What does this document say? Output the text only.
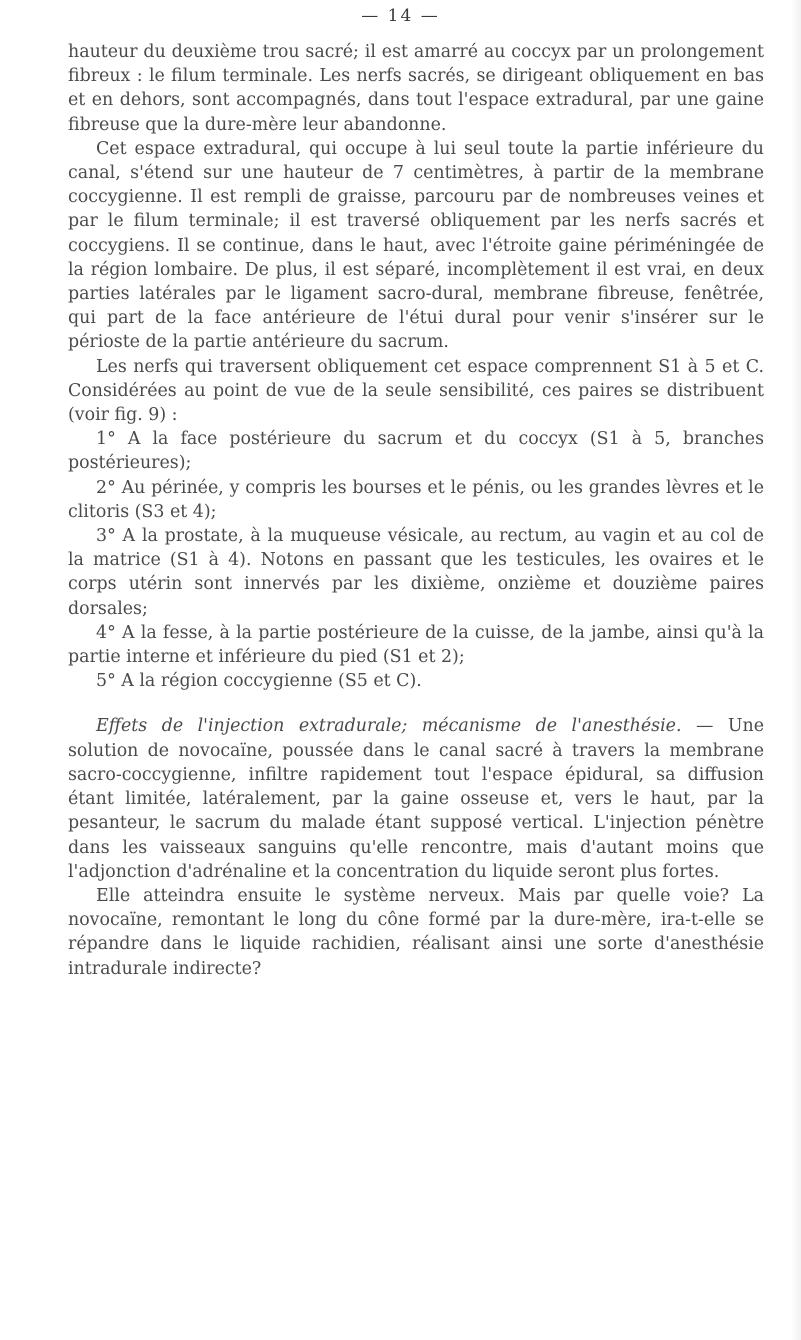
— 14 —

hauteur du deuxième trou sacré; il est amarré au coccyx par un prolongement fibreux : le filum terminale. Les nerfs sacrés, se dirigeant obliquement en bas et en dehors, sont accompagnés, dans tout l'espace extradural, par une gaine fibreuse que la dure-mère leur abandonne.

Cet espace extradural, qui occupe à lui seul toute la partie inférieure du canal, s'étend sur une hauteur de 7 centimètres, à partir de la membrane coccygienne. Il est rempli de graisse, parcouru par de nombreuses veines et par le filum terminale; il est traversé obliquement par les nerfs sacrés et coccygiens. Il se continue, dans le haut, avec l'étroite gaine périméningée de la région lombaire. De plus, il est séparé, incomplètement il est vrai, en deux parties latérales par le ligament sacro-dural, membrane fibreuse, fenêtrée, qui part de la face antérieure de l'étui dural pour venir s'insérer sur le périoste de la partie antérieure du sacrum.

Les nerfs qui traversent obliquement cet espace comprennent S1 à 5 et C. Considérées au point de vue de la seule sensibilité, ces paires se distribuent (voir fig. 9) :

1° A la face postérieure du sacrum et du coccyx (S1 à 5, branches postérieures);

2° Au périnée, y compris les bourses et le pénis, ou les grandes lèvres et le clitoris (S3 et 4);

3° A la prostate, à la muqueuse vésicale, au rectum, au vagin et au col de la matrice (S1 à 4). Notons en passant que les testicules, les ovaires et le corps utérin sont innervés par les dixième, onzième et douzième paires dorsales;

4° A la fesse, à la partie postérieure de la cuisse, de la jambe, ainsi qu'à la partie interne et inférieure du pied (S1 et 2);

5° A la région coccygienne (S5 et C).

Effets de l'injection extradurale; mécanisme de l'anesthésie. — Une solution de novocaïne, poussée dans le canal sacré à travers la membrane sacro-coccygienne, infiltre rapidement tout l'espace épidural, sa diffusion étant limitée, latéralement, par la gaine osseuse et, vers le haut, par la pesanteur, le sacrum du malade étant supposé vertical. L'injection pénètre dans les vaisseaux sanguins qu'elle rencontre, mais d'autant moins que l'adjonction d'adrénaline et la concentration du liquide seront plus fortes.

Elle atteindra ensuite le système nerveux. Mais par quelle voie? La novocaïne, remontant le long du cône formé par la dure-mère, ira-t-elle se répandre dans le liquide rachidien, réalisant ainsi une sorte d'anesthésie intradurale indirecte?
